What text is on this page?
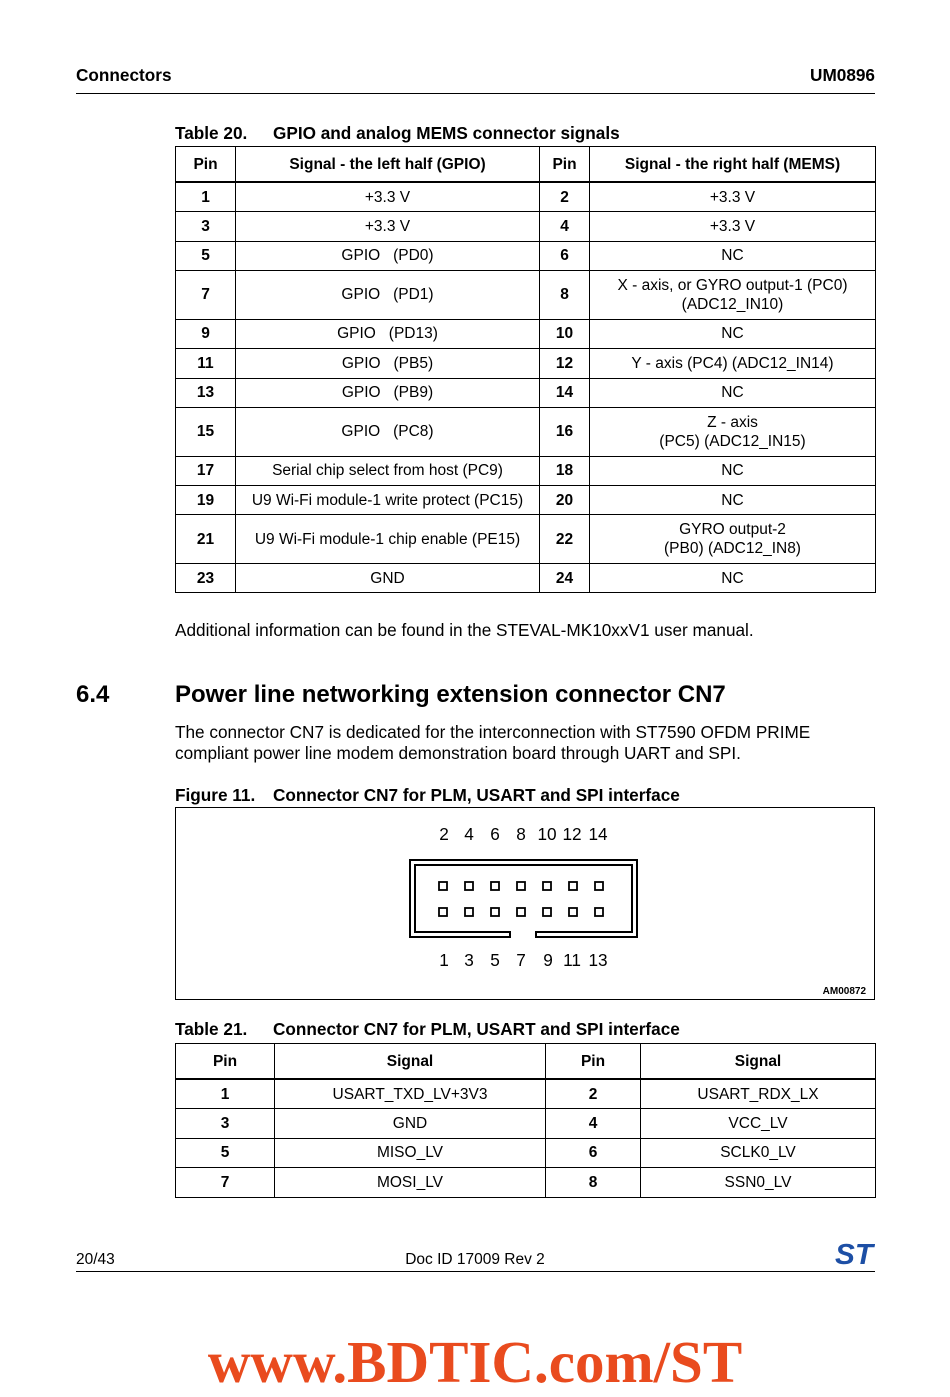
Connectors	UM0896
Table 20. GPIO and analog MEMS connector signals
Pin	Signal - the left half (GPIO)	Pin	Signal - the right half (MEMS)
1	+3.3 V	2	+3.3 V
3	+3.3 V	4	+3.3 V
5	GPIO   (PD0)	6	NC
7	GPIO   (PD1)	8	X - axis, or GYRO output-1 (PC0)
(ADC12_IN10)
9	GPIO   (PD13)	10	NC
11	GPIO   (PB5)	12	Y - axis (PC4) (ADC12_IN14)
13	GPIO   (PB9)	14	NC
15	GPIO   (PC8)	16	Z - axis
(PC5) (ADC12_IN15)
17	Serial chip select from host (PC9)	18	NC
19	U9 Wi-Fi module-1 write protect (PC15)	20	NC
21	U9 Wi-Fi module-1 chip enable (PE15)	22	GYRO output-2
(PB0) (ADC12_IN8)
23	GND	24	NC
Additional information can be found in the STEVAL-MK10xxV1 user manual.
6.4	Power line networking extension connector CN7
The connector CN7 is dedicated for the interconnection with ST7590 OFDM PRIME
compliant power line modem demonstration board through UART and SPI.
Figure 11. Connector CN7 for PLM, USART and SPI interface
2 4 6 8 10 12 14
1 3 5 7 9 11 13
AM00872
Table 21. Connector CN7 for PLM, USART and SPI interface
Pin	Signal	Pin	Signal
1	USART_TXD_LV+3V3	2	USART_RDX_LX
3	GND	4	VCC_LV
5	MISO_LV	6	SCLK0_LV
7	MOSI_LV	8	SSN0_LV
20/43	Doc ID 17009 Rev 2	ST
www.BDTIC.com/ST
